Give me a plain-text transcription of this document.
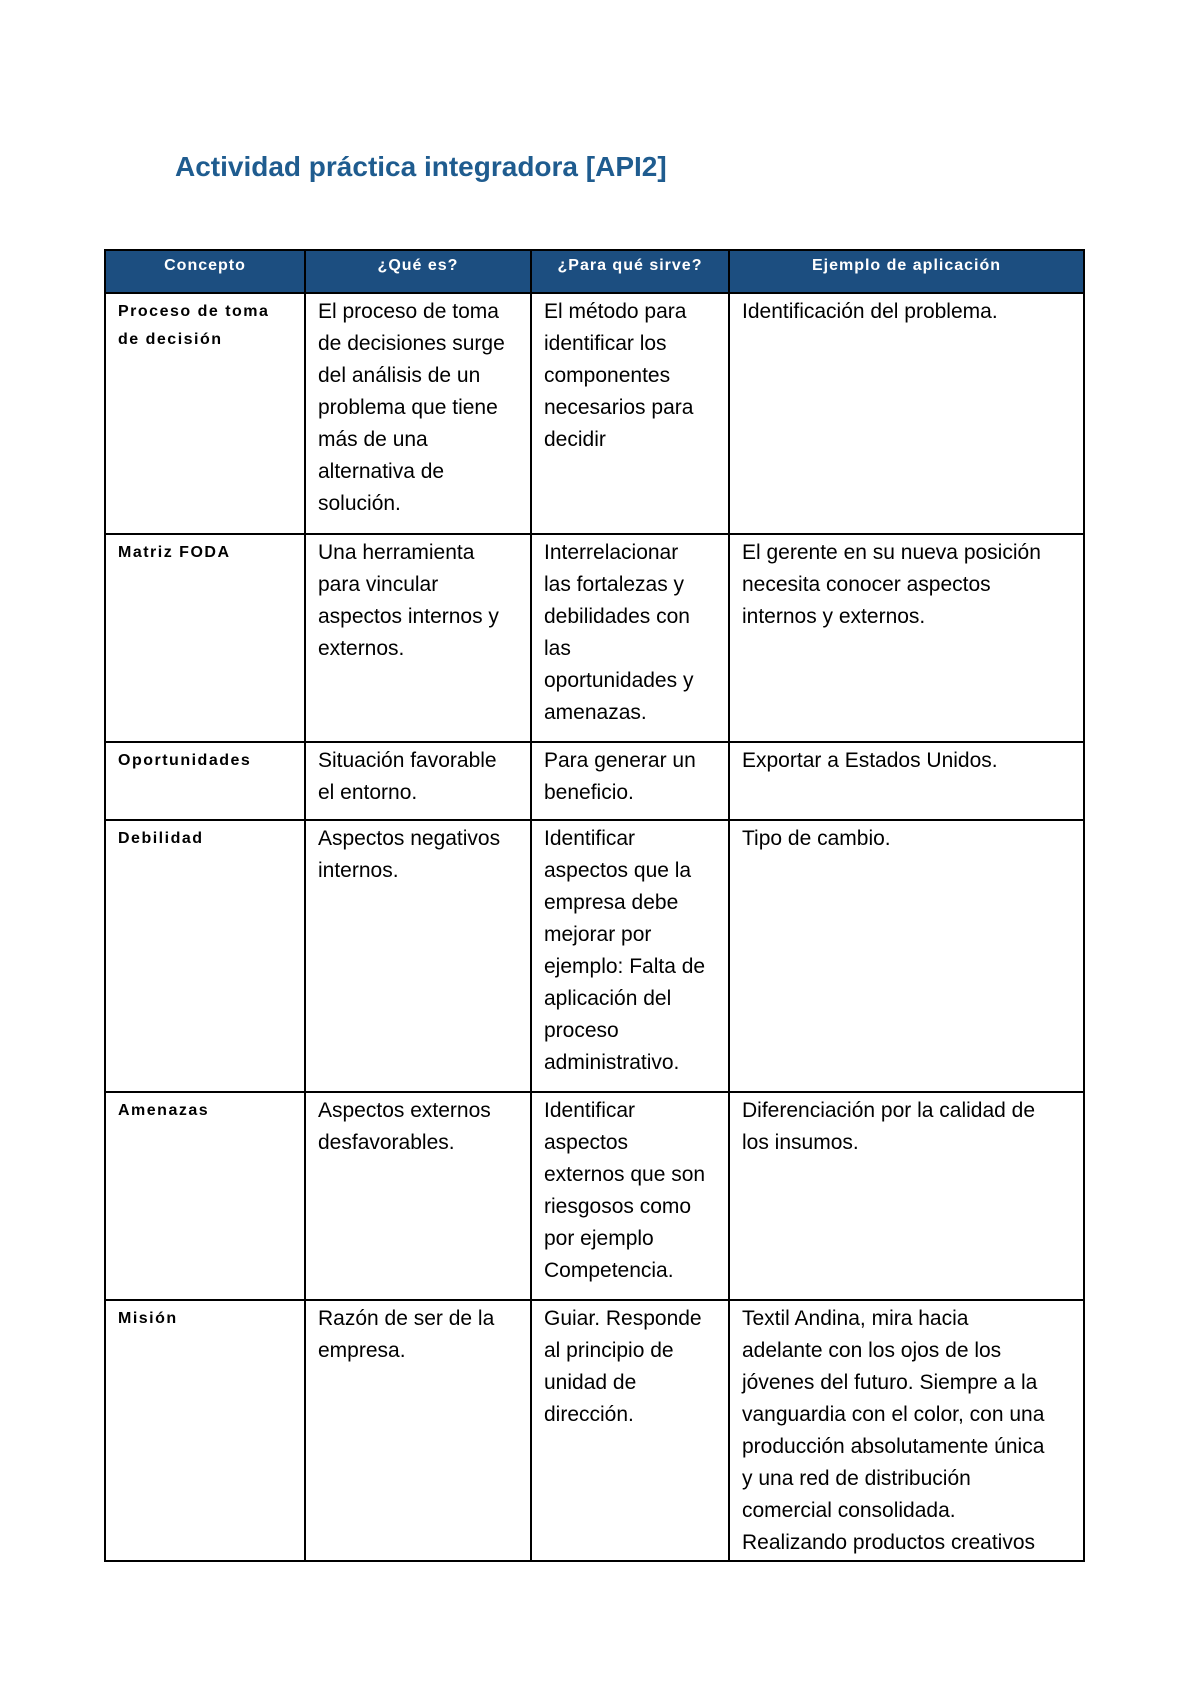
Actividad práctica integradora [API2]
Concepto	¿Qué es?	¿Para qué sirve?	Ejemplo de aplicación
Proceso de toma de decisión	El proceso de toma de decisiones surge del análisis de un problema que tiene más de una alternativa de solución.	El método para identificar los componentes necesarios para decidir	Identificación del problema.
Matriz FODA	Una herramienta para vincular aspectos internos y externos.	Interrelacionar las fortalezas y debilidades con las oportunidades y amenazas.	El gerente en su nueva posición necesita conocer aspectos internos y externos.
Oportunidades	Situación favorable el entorno.	Para generar un beneficio.	Exportar a Estados Unidos.
Debilidad	Aspectos negativos internos.	Identificar aspectos que la empresa debe mejorar por ejemplo: Falta de aplicación del proceso administrativo.	Tipo de cambio.
Amenazas	Aspectos externos desfavorables.	Identificar aspectos externos que son riesgosos como por ejemplo Competencia.	Diferenciación por la calidad de los insumos.
Misión	Razón de ser de la empresa.	Guiar. Responde al principio de unidad de dirección.	Textil Andina, mira hacia adelante con los ojos de los jóvenes del futuro. Siempre a la vanguardia con el color, con una producción absolutamente única y una red de distribución comercial consolidada. Realizando productos creativos
